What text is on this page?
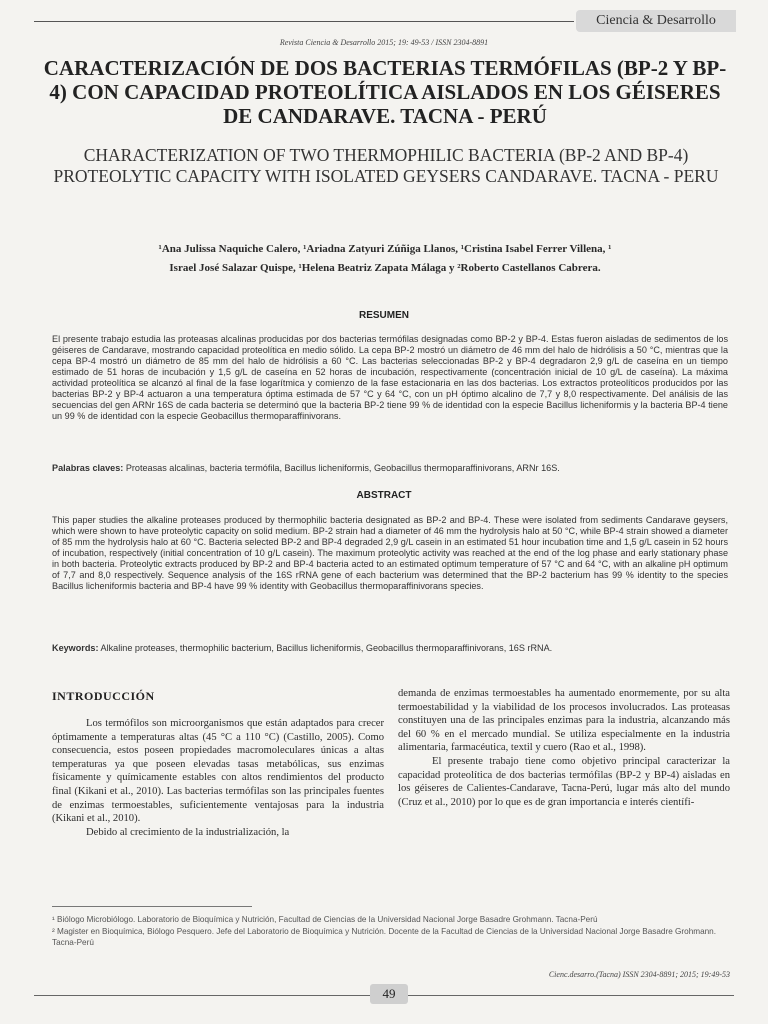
Ciencia & Desarrollo
Revista Ciencia & Desarrollo 2015; 19: 49-53 / ISSN 2304-8891
CARACTERIZACIÓN DE DOS BACTERIAS TERMÓFILAS (BP-2 Y BP-4) CON CAPACIDAD PROTEOLÍTICA AISLADOS EN LOS GÉISERES DE CANDARAVE. TACNA - PERÚ
CHARACTERIZATION OF TWO THERMOPHILIC BACTERIA (BP-2 AND BP-4) PROTEOLYTIC CAPACITY WITH ISOLATED GEYSERS CANDARAVE. TACNA - PERU
¹Ana Julissa Naquiche Calero, ¹Ariadna Zatyuri Zúñiga Llanos, ¹Cristina Isabel Ferrer Villena, ¹
Israel José Salazar Quispe, ¹Helena Beatriz Zapata Málaga y ²Roberto Castellanos Cabrera.
RESUMEN
El presente trabajo estudia las proteasas alcalinas producidas por dos bacterias termófilas designadas como BP-2 y BP-4. Estas fueron aisladas de sedimentos de los géiseres de Candarave, mostrando capacidad proteolítica en medio sólido. La cepa BP-2 mostró un diámetro de 46 mm del halo de hidrólisis a 50 °C, mientras que la cepa BP-4 mostró un diámetro de 85 mm del halo de hidrólisis a 60 °C. Las bacterias seleccionadas BP-2 y BP-4 degradaron 2,9 g/L de caseína en un tiempo estimado de 51 horas de incubación y 1,5 g/L de caseína en 52 horas de incubación, respectivamente (concentración inicial de 10 g/L de caseína). La máxima actividad proteolítica se alcanzó al final de la fase logarítmica y comienzo de la fase estacionaria en las dos bacterias. Los extractos proteolíticos producidos por las bacterias BP-2 y BP-4 actuaron a una temperatura óptima estimada de 57 °C y 64 °C, con un pH óptimo alcalino de 7,7 y 8,0 respectivamente. Del análisis de las secuencias del gen ARNr 16S de cada bacteria se determinó que la bacteria BP-2 tiene 99 % de identidad con la especie Bacillus licheniformis y la bacteria BP-4 tiene un 99 % de identidad con la especie Geobacillus thermoparaffinivorans.
Palabras claves: Proteasas alcalinas, bacteria termófila, Bacillus licheniformis, Geobacillus thermoparaffinivorans, ARNr 16S.
ABSTRACT
This paper studies the alkaline proteases produced by thermophilic bacteria designated as BP-2 and BP-4. These were isolated from sediments Candarave geysers, which were shown to have proteolytic capacity on solid medium. BP-2 strain had a diameter of 46 mm the hydrolysis halo at 50 °C, while BP-4 strain showed a diameter of 85 mm the hydrolysis halo at 60 °C. Bacteria selected BP-2 and BP-4 degraded 2,9 g/L casein in an estimated 51 hour incubation time and 1,5 g/L casein in 52 hours of incubation, respectively (initial concentration of 10 g/L casein). The maximum proteolytic activity was reached at the end of the log phase and early stationary phase in both bacteria. Proteolytic extracts produced by BP-2 and BP-4 bacteria acted to an estimated optimum temperature of 57 °C and 64 °C, with an alkaline pH optimum of 7,7 and 8,0 respectively. Sequence analysis of the 16S rRNA gene of each bacterium was determined that the BP-2 bacterium has 99 % identity to the species Bacillus licheniformis bacteria and BP-4 have 99 % identity with Geobacillus thermoparaffinivorans species.
Keywords: Alkaline proteases, thermophilic bacterium, Bacillus licheniformis, Geobacillus thermoparaffinivorans, 16S rRNA.
INTRODUCCIÓN

Los termófilos son microorganismos que están adaptados para crecer óptimamente a temperaturas altas (45 °C a 110 °C) (Castillo, 2005). Como consecuencia, estos poseen propiedades macromoleculares únicas a altas temperaturas ya que poseen elevadas tasas metabólicas, sus enzimas físicamente y químicamente estables con altos rendimientos del producto final (Kikani et al., 2010). Las bacterias termófilas son las principales fuentes de enzimas termoestables, suficientemente ventajosas para la industria (Kikani et al., 2010).

Debido al crecimiento de la industrialización, la

demanda de enzimas termoestables ha aumentado enormemente, por su alta termoestabilidad y la viabilidad de los procesos involucrados. Las proteasas constituyen una de las principales enzimas para la industria, alcanzando más del 60 % en el mercado mundial. Se utiliza especialmente en la industria alimentaria, farmacéutica, textil y cuero (Rao et al., 1998).

El presente trabajo tiene como objetivo principal caracterizar la capacidad proteolítica de dos bacterias termófilas (BP-2 y BP-4) aisladas en los géiseres de Calientes-Candarave, Tacna-Perú, lugar más alto del mundo (Cruz et al., 2010) por lo que es de gran importancia e interés científi-

¹ Biólogo Microbiólogo. Laboratorio de Bioquímica y Nutrición, Facultad de Ciencias de la Universidad Nacional Jorge Basadre Grohmann. Tacna-Perú
² Magister en Bioquímica, Biólogo Pesquero. Jefe del Laboratorio de Bioquímica y Nutrición. Docente de la Facultad de Ciencias de la Universidad Nacional Jorge Basadre Grohmann. Tacna-Perú
Cienc.desarro.(Tacna) ISSN 2304-8891; 2015; 19:49-53
49
